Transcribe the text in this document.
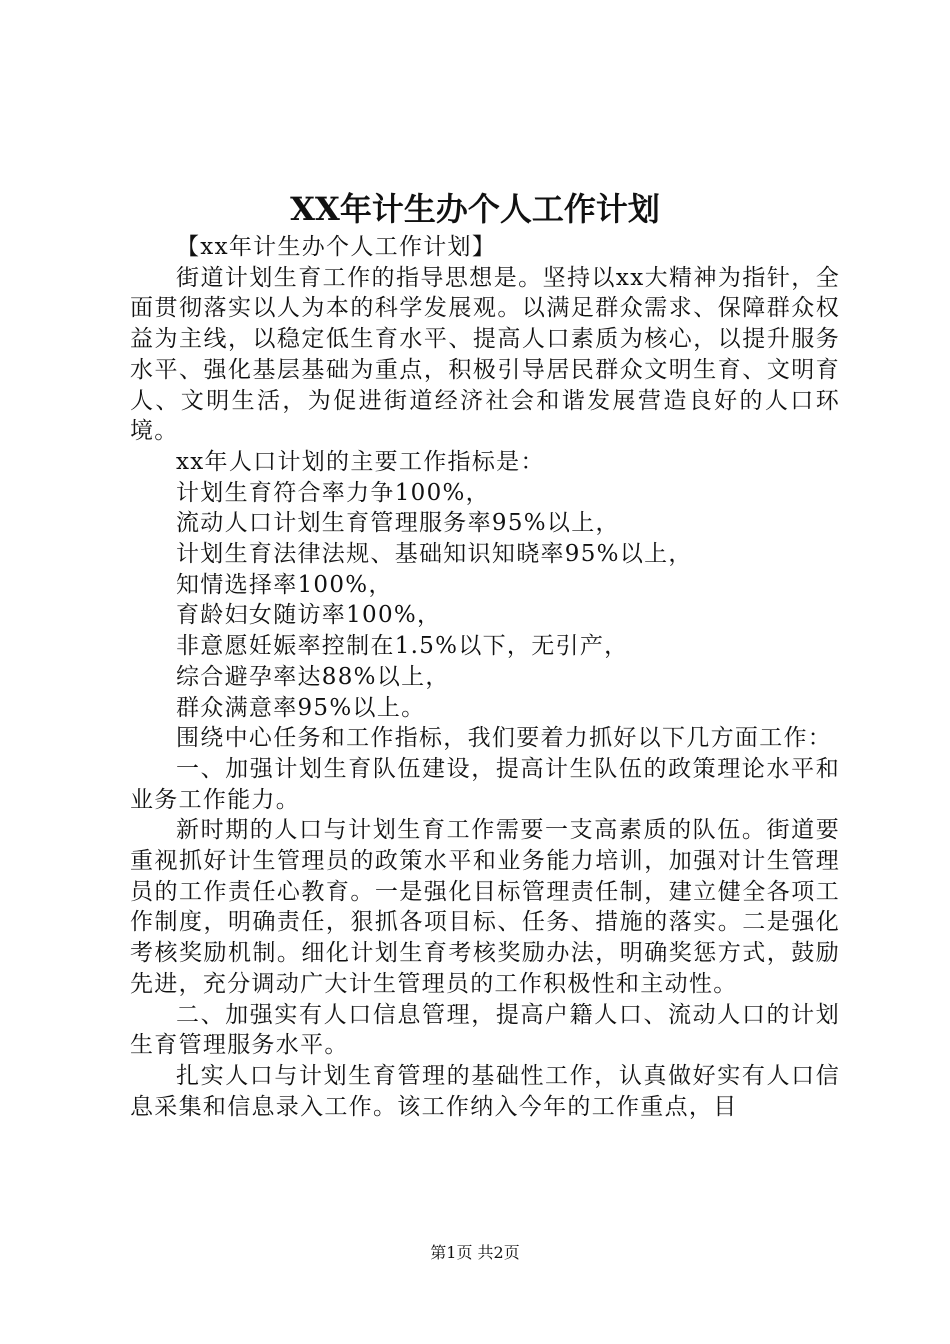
XX年计生办个人工作计划

【xx年计生办个人工作计划】

街道计划生育工作的指导思想是。坚持以xx大精神为指针，全面贯彻落实以人为本的科学发展观。以满足群众需求、保障群众权益为主线，以稳定低生育水平、提高人口素质为核心，以提升服务水平、强化基层基础为重点，积极引导居民群众文明生育、文明育人、文明生活，为促进街道经济社会和谐发展营造良好的人口环境。

xx年人口计划的主要工作指标是：

计划生育符合率力争100%，

流动人口计划生育管理服务率95%以上，

计划生育法律法规、基础知识知晓率95%以上，

知情选择率100%，

育龄妇女随访率100%，

非意愿妊娠率控制在1.5%以下，无引产，

综合避孕率达88%以上，

群众满意率95%以上。

围绕中心任务和工作指标，我们要着力抓好以下几方面工作：

一、加强计划生育队伍建设，提高计生队伍的政策理论水平和业务工作能力。

新时期的人口与计划生育工作需要一支高素质的队伍。街道要重视抓好计生管理员的政策水平和业务能力培训，加强对计生管理员的工作责任心教育。一是强化目标管理责任制，建立健全各项工作制度，明确责任，狠抓各项目标、任务、措施的落实。二是强化考核奖励机制。细化计划生育考核奖励办法，明确奖惩方式，鼓励先进，充分调动广大计生管理员的工作积极性和主动性。

二、加强实有人口信息管理，提高户籍人口、流动人口的计划生育管理服务水平。

扎实人口与计划生育管理的基础性工作，认真做好实有人口信息采集和信息录入工作。该工作纳入今年的工作重点，目

第1页 共2页
